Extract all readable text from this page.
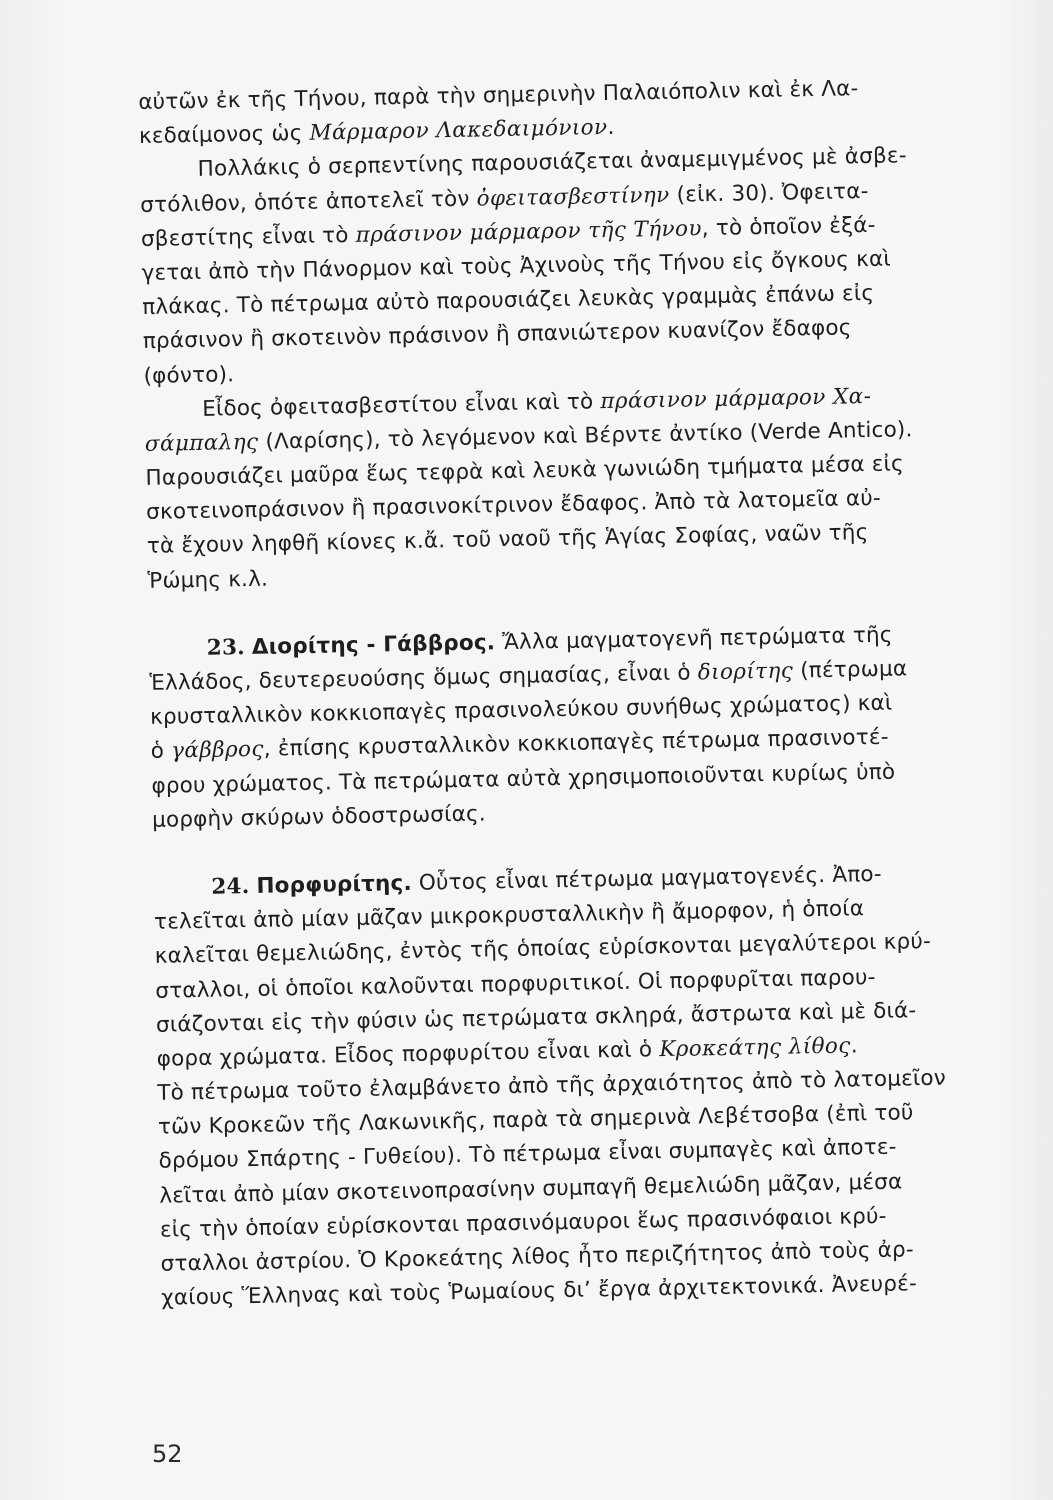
αὐτῶν ἐκ τῆς Τήνου, παρὰ τὴν σημερινὴν Παλαιόπολιν καὶ ἐκ Λα-
κεδαίμονος ὡς Μάρμαρον Λακεδαιμόνιον.
Πολλάκις ὁ σερπεντίνης παρουσιάζεται ἀναμεμιγμένος μὲ ἀσβε-
στόλιθον, ὁπότε ἀποτελεῖ τὸν ὀφειτασβεστίνην (εἰκ. 30). Ὀφειτα-
σβεστίτης εἶναι τὸ πράσινον μάρμαρον τῆς Τήνου, τὸ ὁποῖον ἐξά-
γεται ἀπὸ τὴν Πάνορμον καὶ τοὺς Ἀχινοὺς τῆς Τήνου εἰς ὄγκους καὶ
πλάκας. Τὸ πέτρωμα αὐτὸ παρουσιάζει λευκὰς γραμμὰς ἐπάνω εἰς
πράσινον ἢ σκοτεινὸν πράσινον ἢ σπανιώτερον κυανίζον ἔδαφος
(φόντο).
Εἶδος ὀφειτασβεστίτου εἶναι καὶ τὸ πράσινον μάρμαρον Χα-
σάμπαλης (Λαρίσης), τὸ λεγόμενον καὶ Βέρντε ἀντίκο (Verde Antico).
Παρουσιάζει μαῦρα ἕως τεφρὰ καὶ λευκὰ γωνιώδη τμήματα μέσα εἰς
σκοτεινοπράσινον ἢ πρασινοκίτρινον ἔδαφος. Ἀπὸ τὰ λατομεῖα αὐ-
τὰ ἔχουν ληφθῆ κίονες κ.ἄ. τοῦ ναοῦ τῆς Ἁγίας Σοφίας, ναῶν τῆς
Ῥώμης κ.λ.
23. Διορίτης - Γάββρος. Ἄλλα μαγματογενῆ πετρώματα τῆς
Ἑλλάδος, δευτερευούσης ὅμως σημασίας, εἶναι ὁ διορίτης (πέτρωμα
κρυσταλλικὸν κοκκιοπαγὲς πρασινολεύκου συνήθως χρώματος) καὶ
ὁ γάββρος, ἐπίσης κρυσταλλικὸν κοκκιοπαγὲς πέτρωμα πρασινοτέ-
φρου χρώματος. Τὰ πετρώματα αὐτὰ χρησιμοποιοῦνται κυρίως ὑπὸ
μορφὴν σκύρων ὁδοστρωσίας.
24. Πορφυρίτης. Οὗτος εἶναι πέτρωμα μαγματογενές. Ἀπο-
τελεῖται ἀπὸ μίαν μᾶζαν μικροκρυσταλλικὴν ἢ ἄμορφον, ἡ ὁποία
καλεῖται θεμελιώδης, ἐντὸς τῆς ὁποίας εὑρίσκονται μεγαλύτεροι κρύ-
σταλλοι, οἱ ὁποῖοι καλοῦνται πορφυριτικοί. Οἱ πορφυρῖται παρου-
σιάζονται εἰς τὴν φύσιν ὡς πετρώματα σκληρά, ἄστρωτα καὶ μὲ διά-
φορα χρώματα. Εἶδος πορφυρίτου εἶναι καὶ ὁ Κροκεάτης λίθος.
Τὸ πέτρωμα τοῦτο ἐλαμβάνετο ἀπὸ τῆς ἀρχαιότητος ἀπὸ τὸ λατομεῖον
τῶν Κροκεῶν τῆς Λακωνικῆς, παρὰ τὰ σημερινὰ Λεβέτσοβα (ἐπὶ τοῦ
δρόμου Σπάρτης - Γυθείου). Τὸ πέτρωμα εἶναι συμπαγὲς καὶ ἀποτε-
λεῖται ἀπὸ μίαν σκοτεινοπρασίνην συμπαγῆ θεμελιώδη μᾶζαν, μέσα
εἰς τὴν ὁποίαν εὑρίσκονται πρασινόμαυροι ἕως πρασινόφαιοι κρύ-
σταλλοι ἀστρίου. Ὁ Κροκεάτης λίθος ἦτο περιζήτητος ἀπὸ τοὺς ἀρ-
χαίους Ἕλληνας καὶ τοὺς Ῥωμαίους δι’ ἔργα ἀρχιτεκτονικά. Ἀνευρέ-
52
